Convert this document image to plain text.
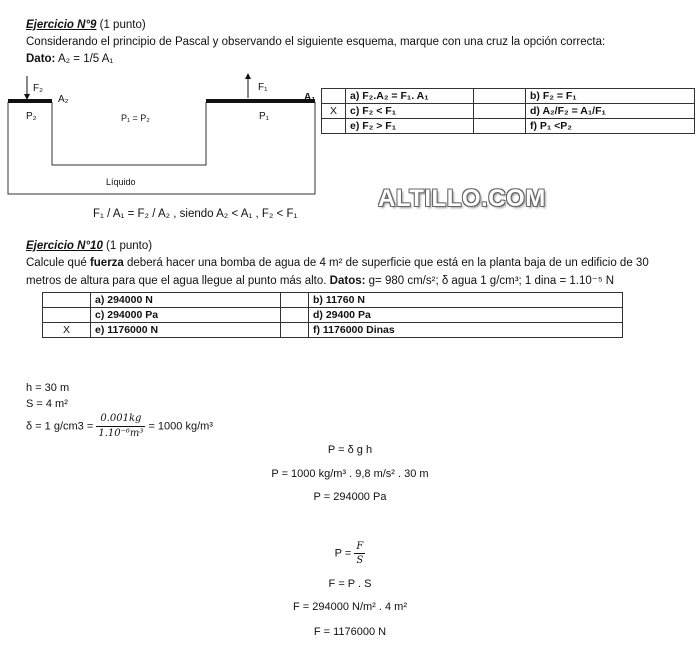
Ejercicio N°9 (1 punto)
Considerando el principio de Pascal y observando el siguiente esquema, marque con una cruz la opción correcta:
Dato: A₂ = 1/5 A₁
F₂
A₂
P₂	P₁ = P₂
F₁
P₁
A₁
Líquido
	a) F₂.A₂ = F₁. A₁		b) F₂ = F₁
X	c) F₂ < F₁		d) A₂/F₂ = A₁/F₁
	e) F₂ > F₁		f) P₁ <P₂
ALTILLO.COM
F₁ / A₁ = F₂ / A₂ , siendo A₂ < A₁ , F₂ < F₁
Ejercicio N°10 (1 punto)
Calcule qué fuerza deberá hacer una bomba de agua de 4 m² de superficie que está en la planta baja de un edificio de 30
metros de altura para que el agua llegue al punto más alto. Datos: g= 980 cm/s²; δ agua 1 g/cm³; 1 dina = 1.10⁻⁵ N
	a) 294000 N		b) 11760 N
	c) 294000 Pa		d) 29400 Pa
X	e) 1176000 N		f) 1176000 Dinas
h = 30 m
S = 4 m²
δ = 1 $g/cm3 = \frac{0.001kg}{\text{1.10⁻⁶m³}} = 1000$ kg/m³
P = δ g h
P = 1000 kg/m³ . 9,8 m/s² . 30 m
P = 294000 Pa
$P = \frac{F}{S}$
F = P . S
F = 294000 N/m² . 4 m²
F = 1176000 N
